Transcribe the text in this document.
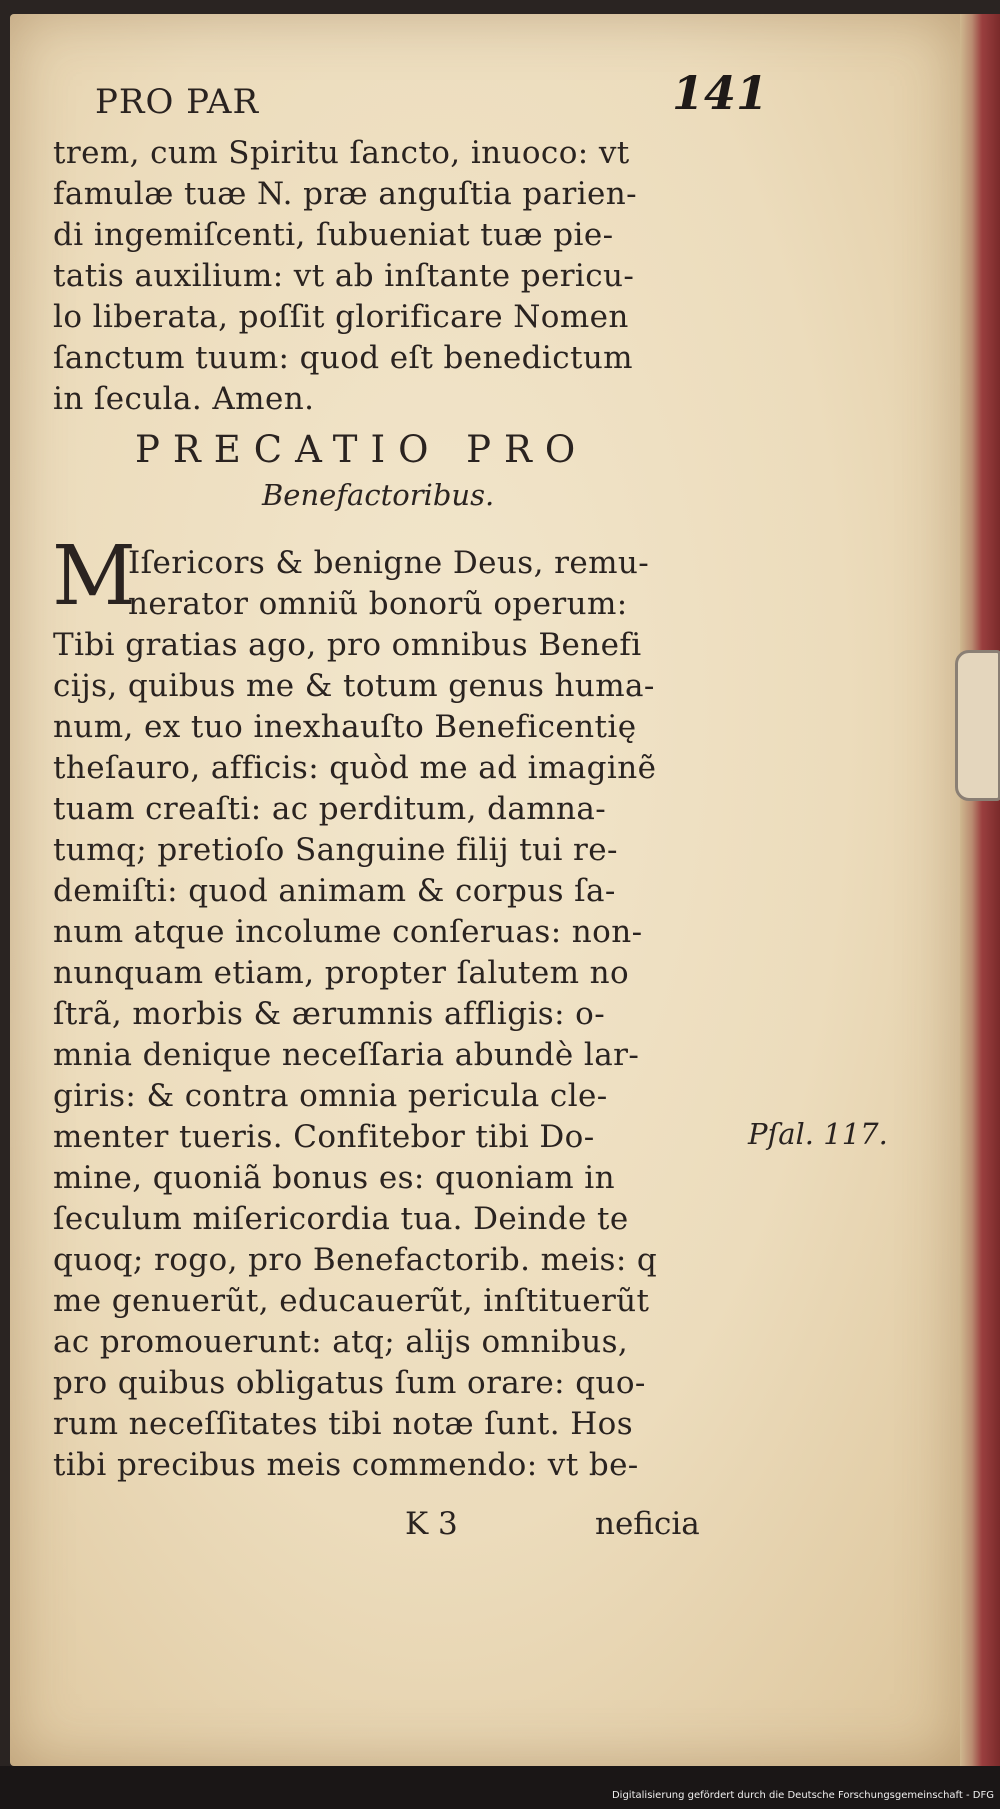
PRO PAR	141
trem, cum Spiritu ſancto, inuoco: vt
famulæ tuæ N. præ anguſtia parien-
di ingemiſcenti, ſubueniat tuæ pie-
tatis auxilium: vt ab inſtante pericu-
lo liberata, poſſit glorificare Nomen
ſanctum tuum: quod eſt benedictum
in ſecula. Amen.
PRECATIO PRO
Benefactoribus.
M
Iſericors & benigne Deus, remu-
nerator omniũ bonorũ operum:
Tibi gratias ago, pro omnibus Benefi
cijs, quibus me & totum genus huma-
num, ex tuo inexhauſto Beneficentię
theſauro, afficis: quòd me ad imaginẽ
tuam creaſti: ac perditum, damna-
tumq; pretioſo Sanguine filij tui re-
demiſti: quod animam & corpus ſa-
num atque incolume conſeruas: non-
nunquam etiam, propter ſalutem no
ſtrã, morbis & ærumnis affligis: o-
mnia denique neceſſaria abundè lar-
giris: & contra omnia pericula cle-
menter tueris. Confitebor tibi Do-
mine, quoniã bonus es: quoniam in
ſeculum miſericordia tua. Deinde te
quoq; rogo, pro Benefactorib. meis: q
me genuerũt, educauerũt, inſtituerũt
ac promouerunt: atq; alijs omnibus,
pro quibus obligatus ſum orare: quo-
rum neceſſitates tibi notæ ſunt. Hos
tibi precibus meis commendo: vt be-
Pſal. 117.
K 3	neficia
Digitalisierung gefördert durch die Deutsche Forschungsgemeinschaft - DFG
